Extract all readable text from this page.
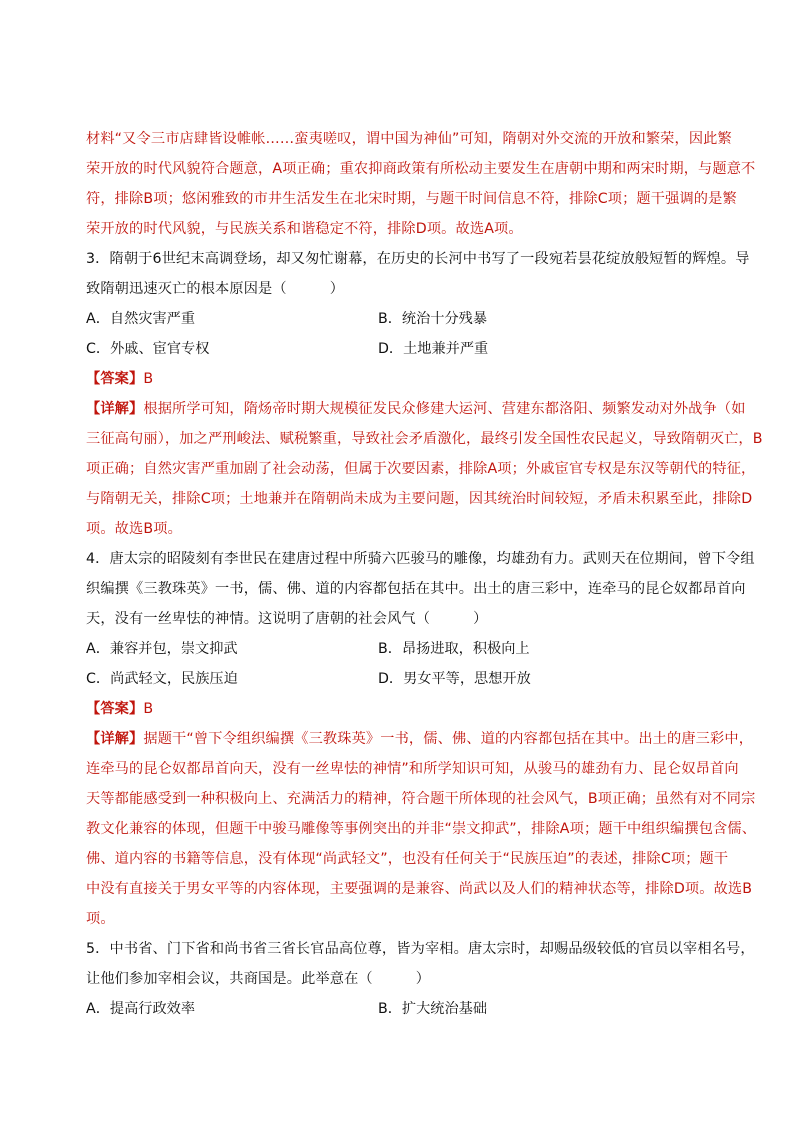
材料“又令三市店肆皆设帷帐……蛮夷嗟叹，谓中国为神仙”可知，隋朝对外交流的开放和繁荣，因此繁
荣开放的时代风貌符合题意，A项正确；重农抑商政策有所松动主要发生在唐朝中期和两宋时期，与题意不
符，排除B项；悠闲雅致的市井生活发生在北宋时期，与题干时间信息不符，排除C项；题干强调的是繁
荣开放的时代风貌，与民族关系和谐稳定不符，排除D项。故选A项。
3．隋朝于6世纪末高调登场，却又匆忙谢幕，在历史的长河中书写了一段宛若昙花绽放般短暂的辉煌。导
致隋朝迅速灭亡的根本原因是（　　　）
A．自然灾害严重	B．统治十分残暴
C．外戚、宦官专权	D．土地兼并严重
【答案】B
【详解】根据所学可知，隋炀帝时期大规模征发民众修建大运河、营建东都洛阳、频繁发动对外战争（如
三征高句丽），加之严刑峻法、赋税繁重，导致社会矛盾激化，最终引发全国性农民起义，导致隋朝灭亡，B
项正确；自然灾害严重加剧了社会动荡，但属于次要因素，排除A项；外戚宦官专权是东汉等朝代的特征，
与隋朝无关，排除C项；土地兼并在隋朝尚未成为主要问题，因其统治时间较短，矛盾未积累至此，排除D
项。故选B项。
4．唐太宗的昭陵刻有李世民在建唐过程中所骑六匹骏马的雕像，均雄劲有力。武则天在位期间，曾下令组
织编撰《三教珠英》一书，儒、佛、道的内容都包括在其中。出土的唐三彩中，连牵马的昆仑奴都昂首向
天，没有一丝卑怯的神情。这说明了唐朝的社会风气（　　　）
A．兼容并包，崇文抑武	B．昂扬进取，积极向上
C．尚武轻文，民族压迫	D．男女平等，思想开放
【答案】B
【详解】据题干“曾下令组织编撰《三教珠英》一书，儒、佛、道的内容都包括在其中。出土的唐三彩中，
连牵马的昆仑奴都昂首向天，没有一丝卑怯的神情”和所学知识可知，从骏马的雄劲有力、昆仑奴昂首向
天等都能感受到一种积极向上、充满活力的精神，符合题干所体现的社会风气，B项正确；虽然有对不同宗
教文化兼容的体现，但题干中骏马雕像等事例突出的并非“崇文抑武”，排除A项；题干中组织编撰包含儒、
佛、道内容的书籍等信息，没有体现“尚武轻文”，也没有任何关于“民族压迫”的表述，排除C项；题干
中没有直接关于男女平等的内容体现，主要强调的是兼容、尚武以及人们的精神状态等，排除D项。故选B
项。
5．中书省、门下省和尚书省三省长官品高位尊，皆为宰相。唐太宗时，却赐品级较低的官员以宰相名号，
让他们参加宰相会议，共商国是。此举意在（　　　）
A．提高行政效率	B．扩大统治基础
